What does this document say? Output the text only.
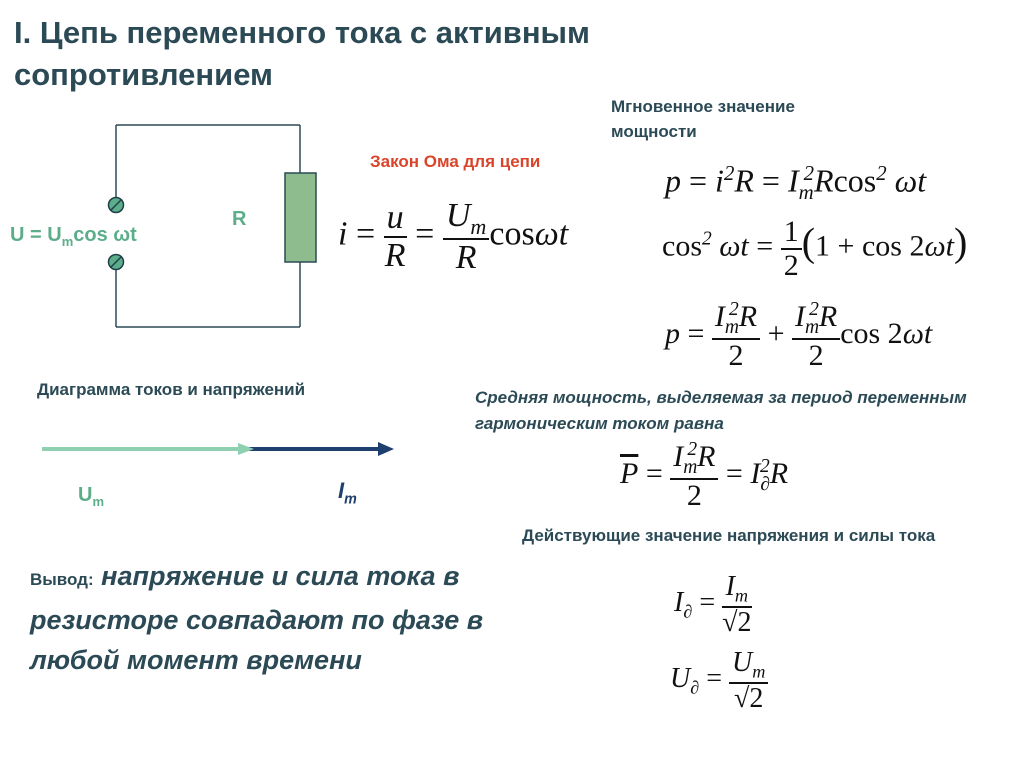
I. Цепь переменного тока с активным сопротивлением
$U = U_m\cos$ ωt
R
Закон Ома для цепи
$i = \frac{u}{R} = \frac{U_m}{R}$ cosωt
Мгновенное значение мощности
$p = i^2R = I_m^2Rcos^2$ ωt
$\cos^2 \omega t = \frac{1}{2} (1 + \cos 2\omega t)$
$p = \frac{I_m^2R}{2} + \frac{I_m^2R}{2}$ cos 2ωt
Диаграмма токов и напряжений
$U_m$	$I_m$
Средняя мощность, выделяемая за период переменным гармоническим током равна
$\overline{P} = \frac{I_m^2R}{2} = I_\partial^2R$
Действующие значение напряжения и силы тока
$I_\partial = \frac{I_m}{√2}$
$U_\partial = \frac{U_m}{√2}$
Вывод: напряжение и сила тока в резисторе совпадают по фазе в любой момент времени
